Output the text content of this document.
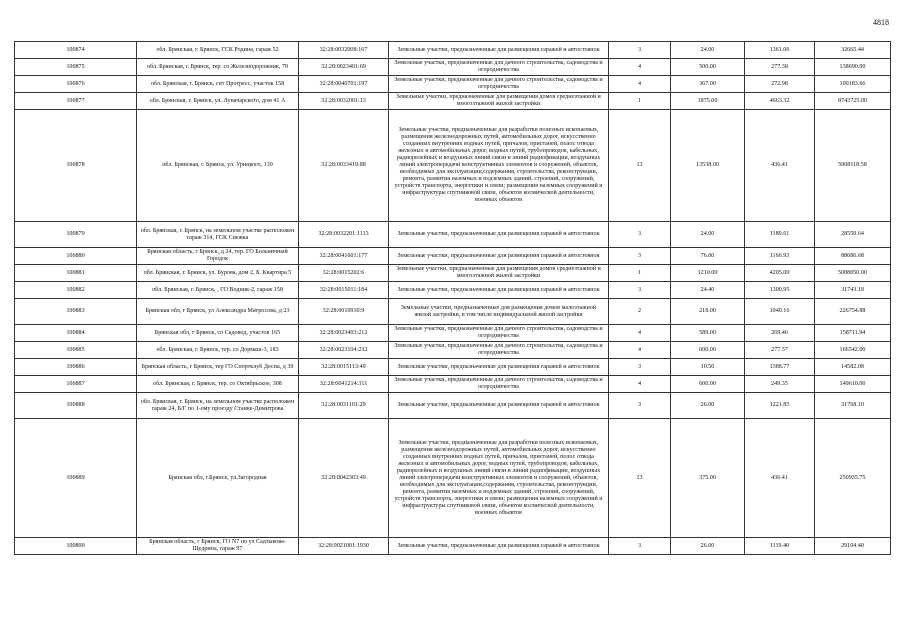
4818
100874	обл. Брянская, г. Брянск, ГСК Родина, гараж 52	32:28:0032008:167	Земельные участки, предназначенные для размещения гаражей и автостоянок	3	24.00	1361.06	32665.44
100875	обл. Брянская, г. Брянск, тер. со Железнодорожник, 79	32:28:0023401:69	Земельные участки, предназначенные для дачного строительства, садоводства и огородничества	4	500.00	277.38	138690.00
100876	обл. Брянская, г. Брянск, снт Прогресс, участок 158	32:28:0040701:197	Земельные участки, предназначенные для дачного строительства, садоводства и огородничества	4	367.00	272.98	100183.66
100877	обл. Брянская, г. Брянск, ул. Луначарского, дом 41 А	32:28:0032001:13	Земельные участки, предназначенные для размещения домов среднеэтажной и многоэтажной жилой застройки	1	1875.00	4663.32	8743725.00
100878	обл. Брянская, г. Брянск, ул. Урицкого, 139	32:28:0033419:88	Земельные участки, предназначенные для разработки полезных ископаемых, размещения железнодорожных путей, автомобильных дорог, искусственно созданных внутренних водных путей, причалов, пристаней, полос отвода железных и автомобильных дорог, водных путей, трубопроводов, кабельных, радиорелейных и воздушных линий связи и линий радиофикации, воздушных линий электропередачи конструктивных элементов и сооружений, объектов, необходимых для эксплуатации,содержания, строительства, реконструкции, ремонта, развития наземных и подземных зданий, строений, сооружений, устройств транспорта, энергетики и связи; размещения наземных сооружений и инфраструктуры спутниковой связи, объектов космической деятельности, военных объектов	13	13538.00	436.41	5908118.58
100879	обл. Брянская, г. Брянск, на земельном участке расположен гараж 314, ГСК Снежка	32:28:0032201:1113	Земельные участки, предназначенные для размещения гаражей и автостоянок	3	24.00	1189.61	28550.64
100880	Брянская область, г Брянск, д 24, тер. ГО Больничный Городок	32:28:0041601:177	Земельные участки, предназначенные для размещения гаражей и автостоянок	3	76.00	1166.93	88686.68
100881	обл. Брянская, г. Брянск, ул. Бурова, дом 2, Б. Квартира 5	32:28:0015202:6	Земельные участки, предназначенные для размещения домов среднеэтажной и многоэтажной жилой застройки	1	1210.00	4205.00	5088050.00
100882	обл. Брянская, г. Брянск, , ГО Водник-2, гараж 158	32:28:0015011:184	Земельные участки, предназначенные для размещения гаражей и автостоянок	3	24.40	1300.95	31743.18
100883	Брянская обл, г Брянск, ул Александра Матросова, д 23	32:28:0010910:9	Земельные участки, предназначенные для размещения домов малоэтажной жилой застройки, в том числе индивидуальной жилой застройки	2	218.00	1040.16	226754.88
100884	Брянская обл, г Брянск, со Садовод, участок 165	32:28:0023403:212	Земельные участки, предназначенные для дачного строительства, садоводства и огородничества	4	589.00	269.46	158711.94
100885	обл. Брянская, г. Брянск, тер. со Дормаш-3, 183	32:28:0023104:232	Земельные участки, предназначенные для дачного строительства, садоводства и огородничества	4	600.00	277.57	166542.00
100886	Брянская область, г Брянск, тер ГО Спортклуб Десна, д 39	32:28:0015113:49	Земельные участки, предназначенные для размещения гаражей и автостоянок	3	10.50	1388.77	14582.08
100887	обл. Брянская, г. Брянск, тер. со Октябрьское, 308	32:28:0041214:311	Земельные участки, предназначенные для дачного строительства, садоводства и огородничества	4	600.00	249.35	149610.00
100888	обл. Брянская, г. Брянск, на земельном участке расположен гараж 24, Б/Г по 1-ому проезду Станке-Димитрова	32:28:0031101:29	Земельные участки, предназначенные для размещения гаражей и автостоянок	3	26.00	1221.85	31768.10
100889	Брянская обл, г.Брянск, ул.Загородная	32:28:0042303:49	Земельные участки, предназначенные для разработки полезных ископаемых, размещения железнодорожных путей, автомобильных дорог, искусственно созданных внутренних водных путей, причалов, пристаней, полос отвода железных и автомобильных дорог, водных путей, трубопроводов, кабельных, радиорелейных и воздушных линий связи и линий радиофикации, воздушных линий электропередачи конструктивных элементов и сооружений, объектов, необходимых для эксплуатации,содержания, строительства, реконструкции, ремонта, развития наземных и подземных зданий, строений, сооружений, устройств транспорта, энергетики и связи; размещения наземных сооружений и инфраструктуры спутниковой связи, объектов космической деятельности, военных объектов	13	375.00	436.41	250935.75
100890	Брянская область, г Брянск, ГО N7 по ул Садтыкова-Щедрина, гараж 97	32:28:0021001:1930	Земельные участки, предназначенные для размещения гаражей и автостоянок	3	26.00	1119.40	29104.40
